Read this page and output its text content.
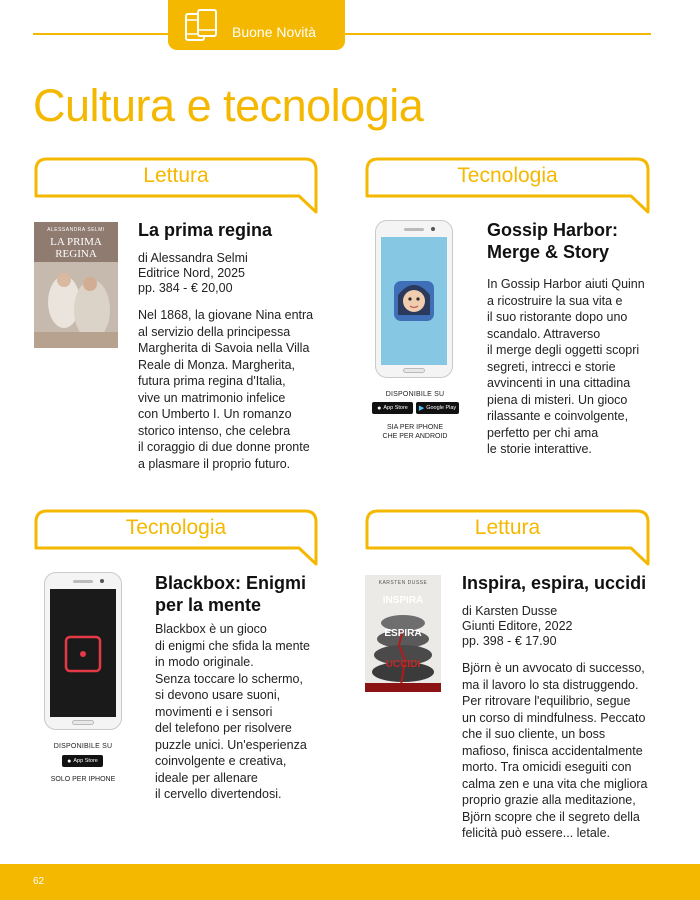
Buone Novità
Cultura e tecnologia
Lettura
ALESSANDRA SELMI
LA PRIMA
REGINA
La prima regina
di Alessandra Selmi
Editrice Nord, 2025
pp. 384 - € 20,00
Nel 1868, la giovane Nina entra
al servizio della principessa
Margherita di Savoia nella Villa
Reale di Monza. Margherita,
futura prima regina d'Italia,
vive un matrimonio infelice
con Umberto I. Un romanzo
storico intenso, che celebra
il coraggio di due donne pronte
a plasmare il proprio futuro.
Tecnologia
DISPONIBILE SU
● App Store ▶ Google Play
SIA PER IPHONE
CHE PER ANDROID
Gossip Harbor:
Merge & Story
In Gossip Harbor aiuti Quinn
a ricostruire la sua vita e
il suo ristorante dopo uno
scandalo. Attraverso
il merge degli oggetti scopri
segreti, intrecci e storie
avvincenti in una cittadina
piena di misteri. Un gioco
rilassante e coinvolgente,
perfetto per chi ama
le storie interattive.
Tecnologia
DISPONIBILE SU
● App Store
SOLO PER IPHONE
Blackbox: Enigmi
per la mente
Blackbox è un gioco
di enigmi che sfida la mente
in modo originale.
Senza toccare lo schermo,
si devono usare suoni,
movimenti e i sensori
del telefono per risolvere
puzzle unici. Un'esperienza
coinvolgente e creativa,
ideale per allenare
il cervello divertendosi.
Lettura
KARSTEN DUSSE
INSPIRA
ESPIRA
UCCIDI
Inspira, espira, uccidi
di Karsten Dusse
Giunti Editore, 2022
pp. 398 - € 17.90
Björn è un avvocato di successo,
ma il lavoro lo sta distruggendo.
Per ritrovare l'equilibrio, segue
un corso di mindfulness. Peccato
che il suo cliente, un boss
mafioso, finisca accidentalmente
morto. Tra omicidi eseguiti con
calma zen e una vita che migliora
proprio grazie alla meditazione,
Björn scopre che il segreto della
felicità può essere... letale.
62
